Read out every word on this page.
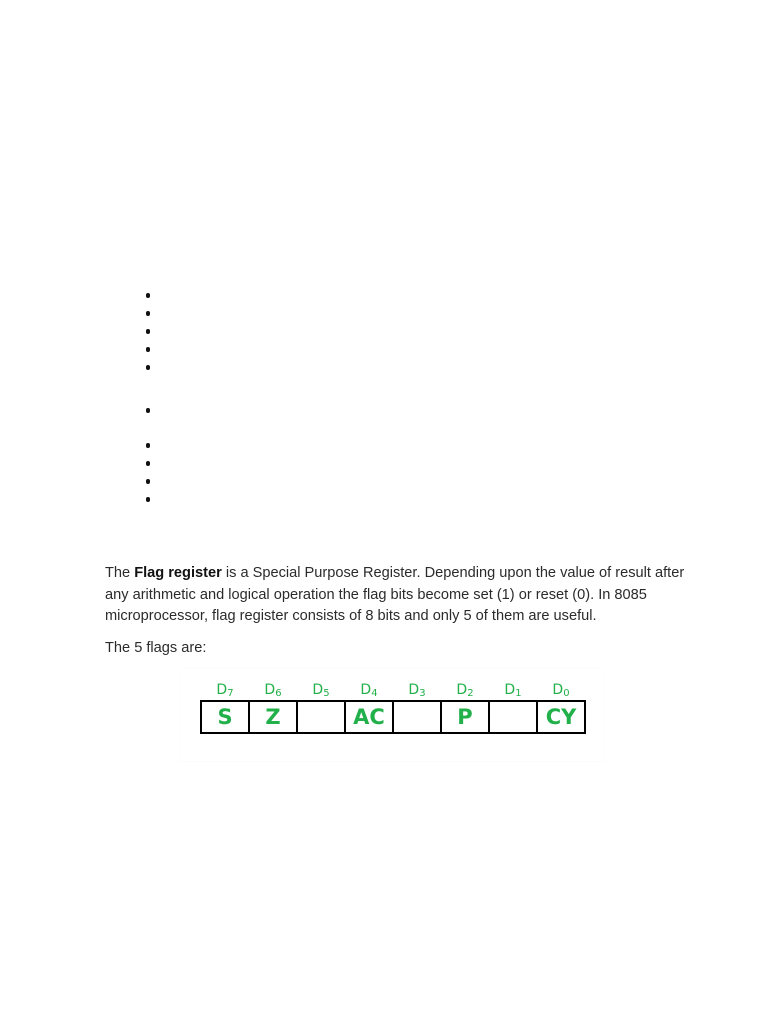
The Flag register is a Special Purpose Register. Depending upon the value of result after any arithmetic and logical operation the flag bits become set (1) or reset (0). In 8085 microprocessor, flag register consists of 8 bits and only 5 of them are useful.

The 5 flags are:

D7
S
D6
Z
D5 D4
AC
D3 D2
P
D1 D0
CY
